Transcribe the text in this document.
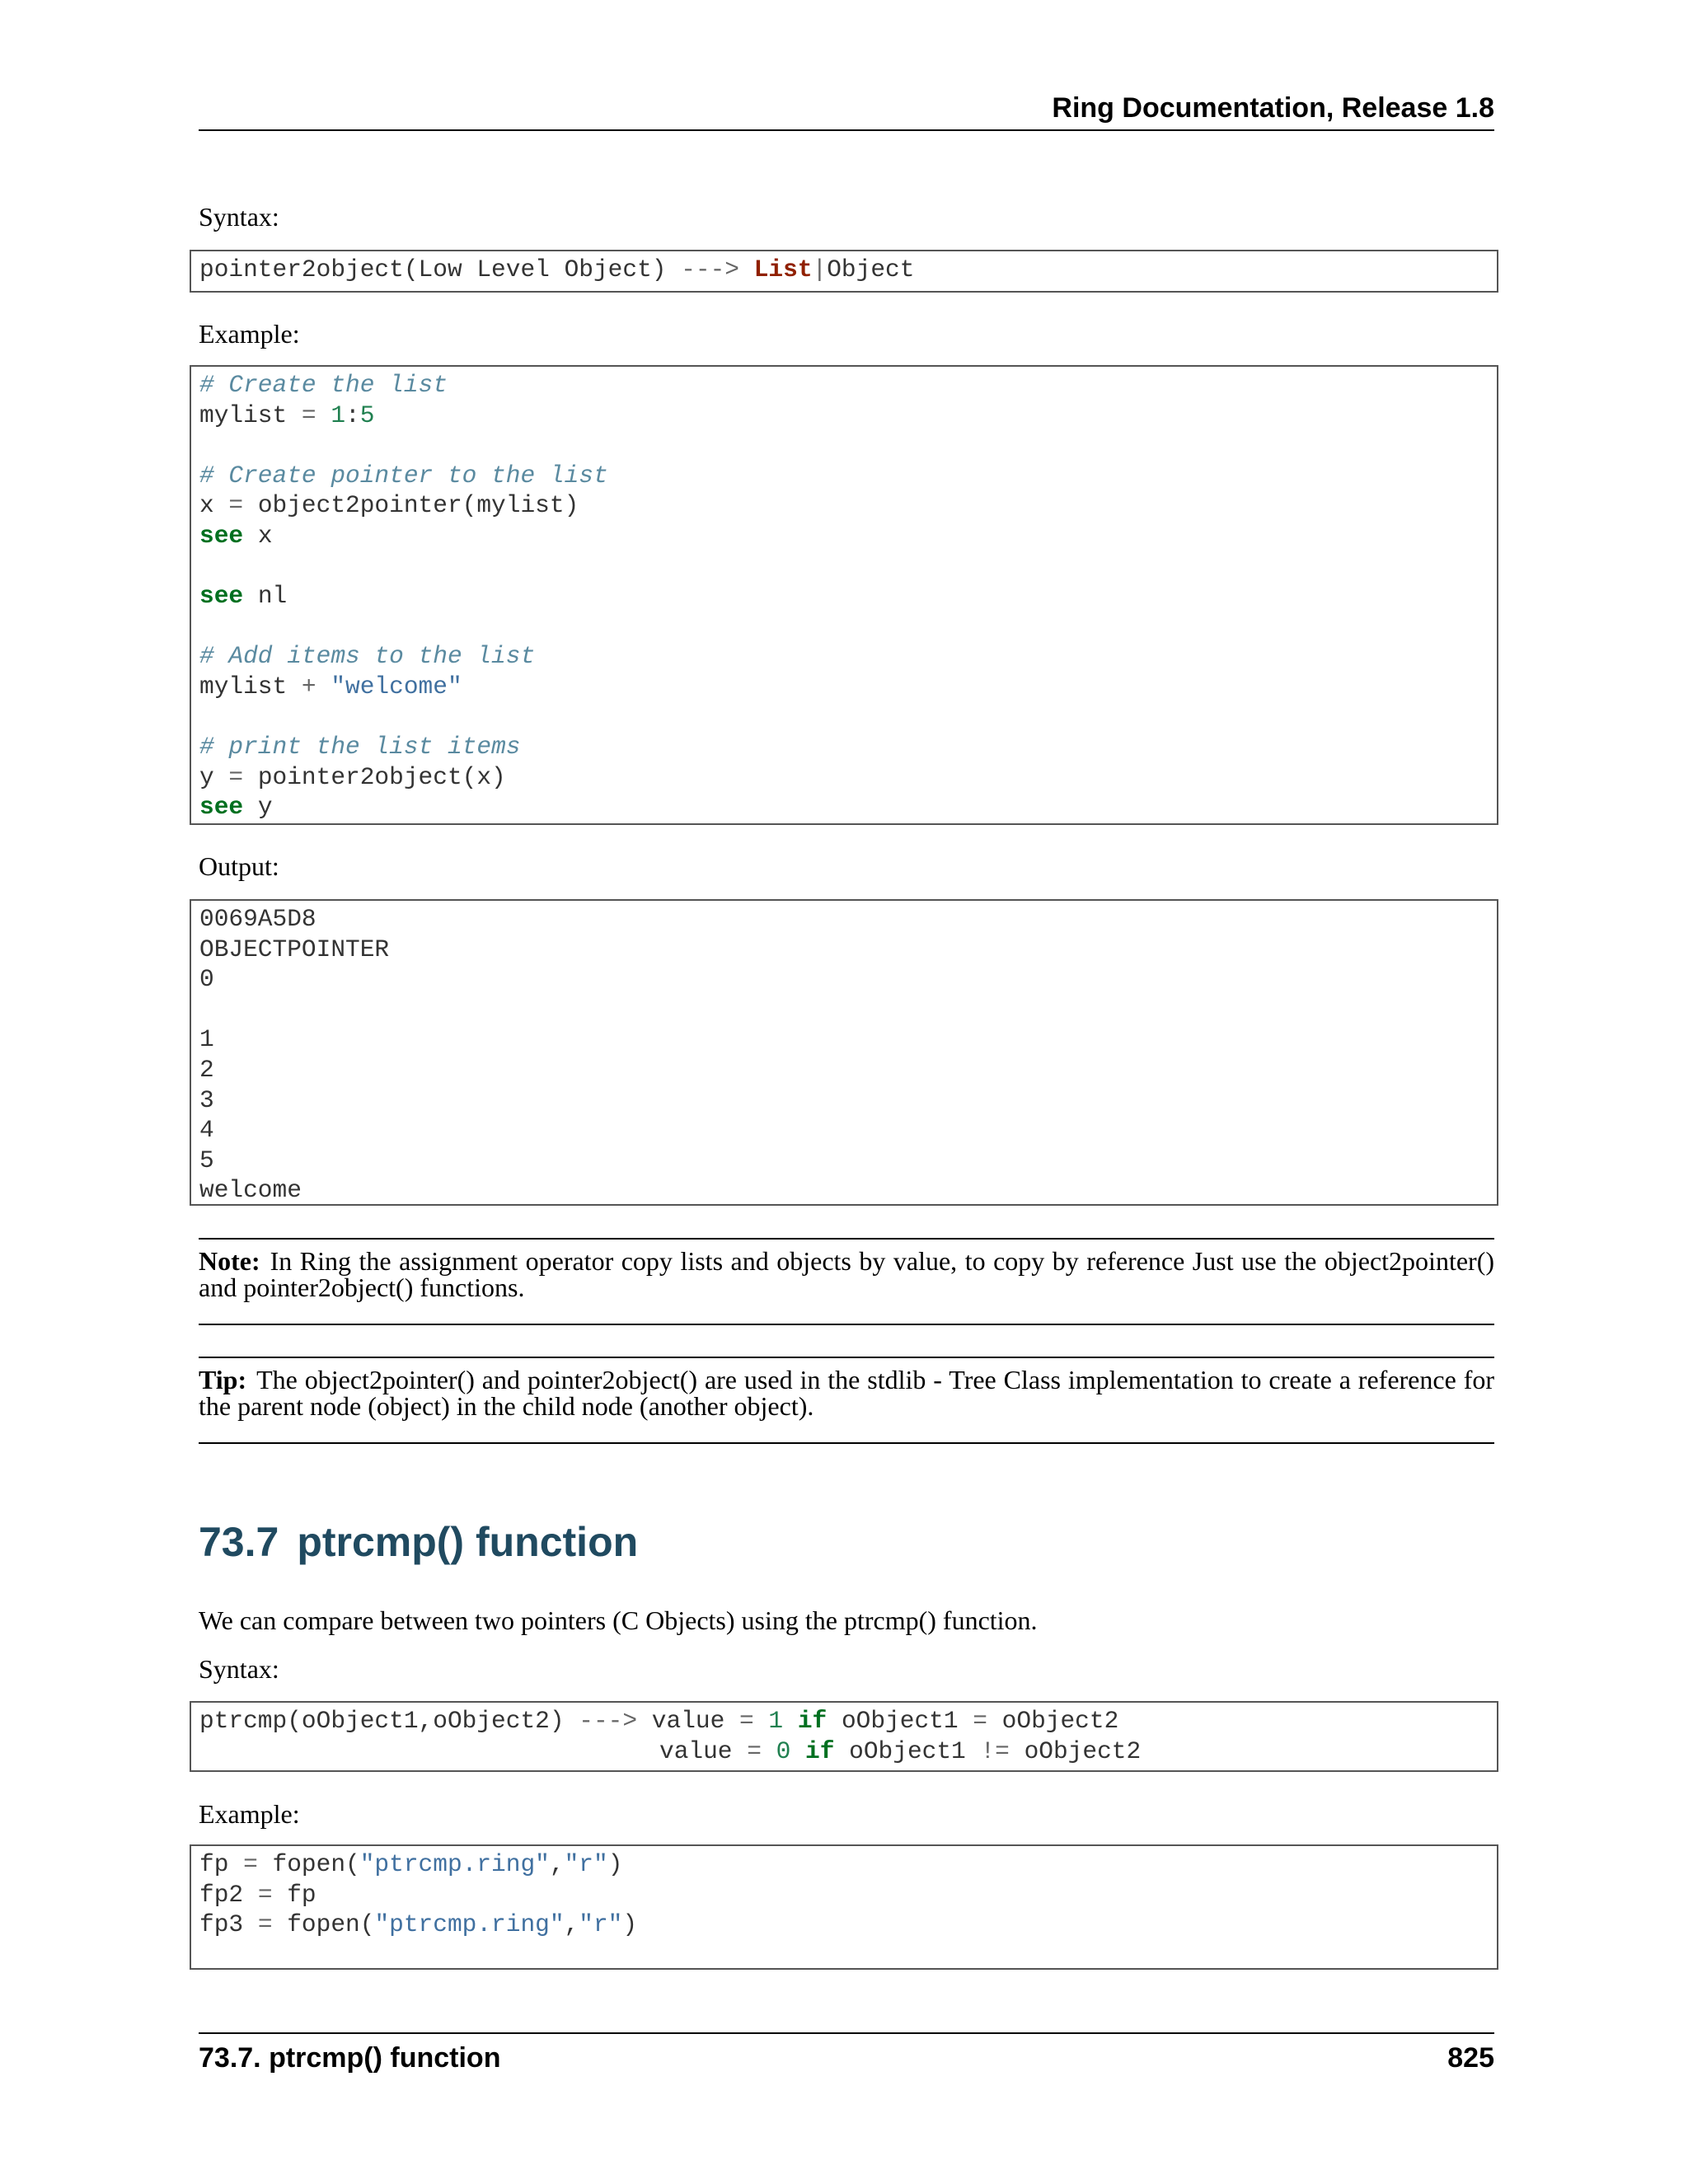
Ring Documentation, Release 1.8
Syntax:
pointer2object(Low Level Object) ---> List|Object
Example:
# Create the list
mylist = 1:5
# Create pointer to the list
x = object2pointer(mylist)
see x
see nl
# Add items to the list
mylist + "welcome"
# print the list items
y = pointer2object(x)
see y
Output:
0069A5D8
OBJECTPOINTER
0
1
2
3
4
5
welcome
Note: In Ring the assignment operator copy lists and objects by value, to copy by reference Just use the object2pointer() and pointer2object() functions.
Tip: The object2pointer() and pointer2object() are used in the stdlib - Tree Class implementation to create a reference for the parent node (object) in the child node (another object).
73.7 ptrcmp() function
We can compare between two pointers (C Objects) using the ptrcmp() function.
Syntax:
ptrcmp(oObject1,oObject2) ---> value = 1 if oObject1 = oObject2
value = 0 if oObject1 != oObject2
Example:
fp = fopen("ptrcmp.ring","r")
fp2 = fp
fp3 = fopen("ptrcmp.ring","r")
73.7. ptrcmp() function	825
